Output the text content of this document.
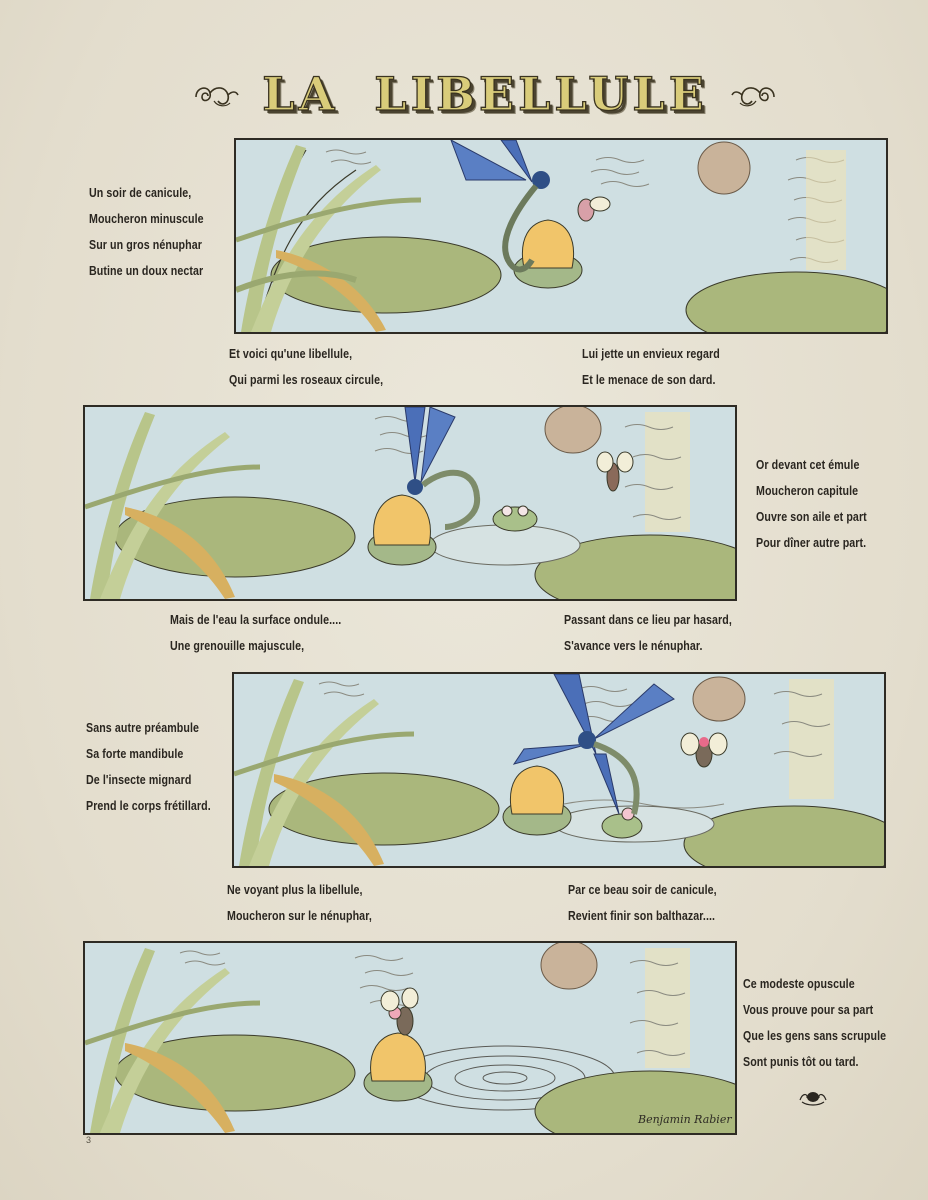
LA LIBELLULE
Un soir de canicule,
Moucheron minuscule
Sur un gros nénuphar
Butine un doux nectar
Et voici qu'une libellule,
Qui parmi les roseaux circule,
Lui jette un envieux regard
Et le menace de son dard.
Or devant cet émule
Moucheron capitule
Ouvre son aile et part
Pour dîner autre part.
Mais de l'eau la surface ondule....
Une grenouille majuscule,
Passant dans ce lieu par hasard,
S'avance vers le nénuphar.
Sans autre préambule
Sa forte mandibule
De l'insecte mignard
Prend le corps frétillard.
Ne voyant plus la libellule,
Moucheron sur le nénuphar,
Par ce beau soir de canicule,
Revient finir son balthazar....
Benjamin Rabier
Ce modeste opuscule
Vous prouve pour sa part
Que les gens sans scrupule
Sont punis tôt ou tard.
3
